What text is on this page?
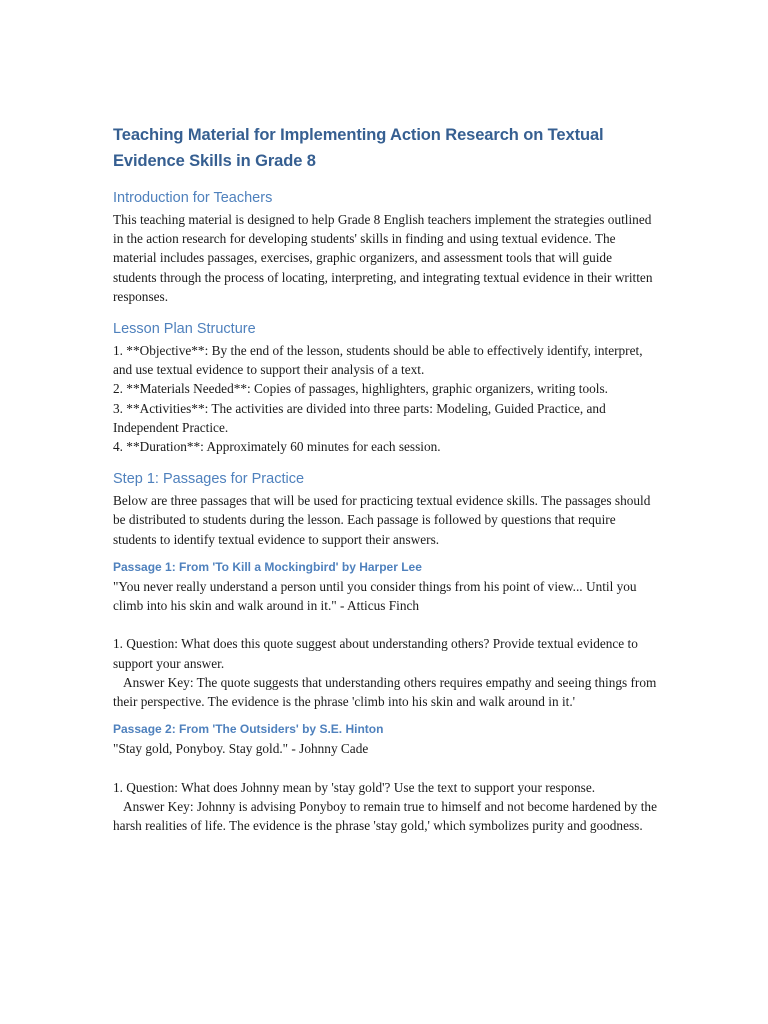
Teaching Material for Implementing Action Research on Textual Evidence Skills in Grade 8
Introduction for Teachers

This teaching material is designed to help Grade 8 English teachers implement the strategies outlined in the action research for developing students' skills in finding and using textual evidence. The material includes passages, exercises, graphic organizers, and assessment tools that will guide students through the process of locating, interpreting, and integrating textual evidence in their written responses.

Lesson Plan Structure

1. **Objective**: By the end of the lesson, students should be able to effectively identify, interpret, and use textual evidence to support their analysis of a text.

2. **Materials Needed**: Copies of passages, highlighters, graphic organizers, writing tools.

3. **Activities**: The activities are divided into three parts: Modeling, Guided Practice, and Independent Practice.

4. **Duration**: Approximately 60 minutes for each session.

Step 1: Passages for Practice

Below are three passages that will be used for practicing textual evidence skills. The passages should be distributed to students during the lesson. Each passage is followed by questions that require students to identify textual evidence to support their answers.

Passage 1: From 'To Kill a Mockingbird' by Harper Lee

"You never really understand a person until you consider things from his point of view... Until you climb into his skin and walk around in it." - Atticus Finch

1. Question: What does this quote suggest about understanding others? Provide textual evidence to support your answer.

Answer Key: The quote suggests that understanding others requires empathy and seeing things from their perspective. The evidence is the phrase 'climb into his skin and walk around in it.'

Passage 2: From 'The Outsiders' by S.E. Hinton

"Stay gold, Ponyboy. Stay gold." - Johnny Cade

1. Question: What does Johnny mean by 'stay gold'? Use the text to support your response.

Answer Key: Johnny is advising Ponyboy to remain true to himself and not become hardened by the harsh realities of life. The evidence is the phrase 'stay gold,' which symbolizes purity and goodness.
